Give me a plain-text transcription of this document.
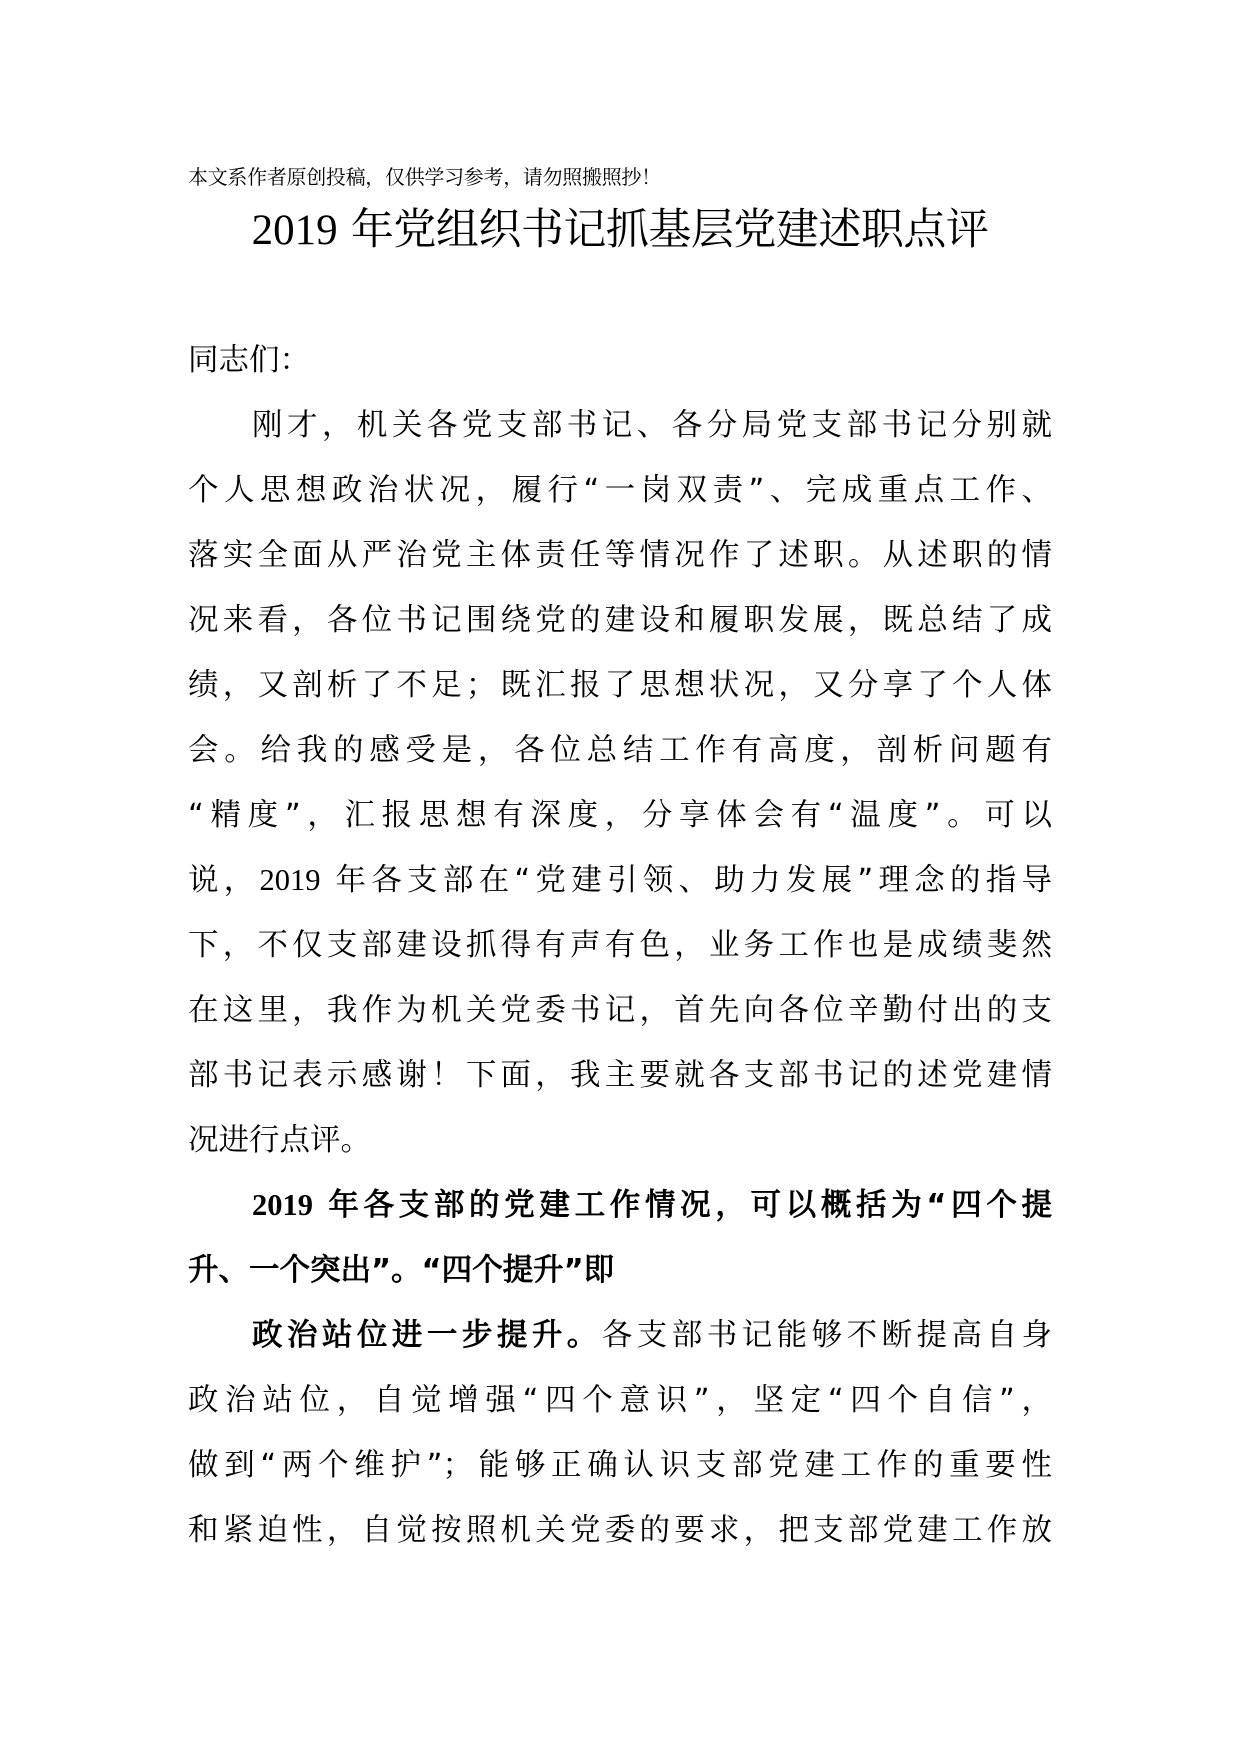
本文系作者原创投稿，仅供学习参考，请勿照搬照抄！
2019 年党组织书记抓基层党建述职点评
同志们：
刚才，机关各党支部书记、各分局党支部书记分别就
个人思想政治状况，履行“一岗双责”、完成重点工作、
落实全面从严治党主体责任等情况作了述职。从述职的情
况来看，各位书记围绕党的建设和履职发展，既总结了成
绩，又剖析了不足；既汇报了思想状况，又分享了个人体
会。给我的感受是，各位总结工作有高度，剖析问题有
“精度”，汇报思想有深度，分享体会有“温度”。可以
说，2019 年各支部在“党建引领、助力发展”理念的指导
下，不仅支部建设抓得有声有色，业务工作也是成绩斐然
在这里，我作为机关党委书记，首先向各位辛勤付出的支
部书记表示感谢！下面，我主要就各支部书记的述党建情
况进行点评。
2019 年各支部的党建工作情况，可以概括为“四个提
升、一个突出”。“四个提升”即
政治站位进一步提升。各支部书记能够不断提高自身
政治站位，自觉增强“四个意识”，坚定“四个自信”，
做到“两个维护”；能够正确认识支部党建工作的重要性
和紧迫性，自觉按照机关党委的要求，把支部党建工作放
